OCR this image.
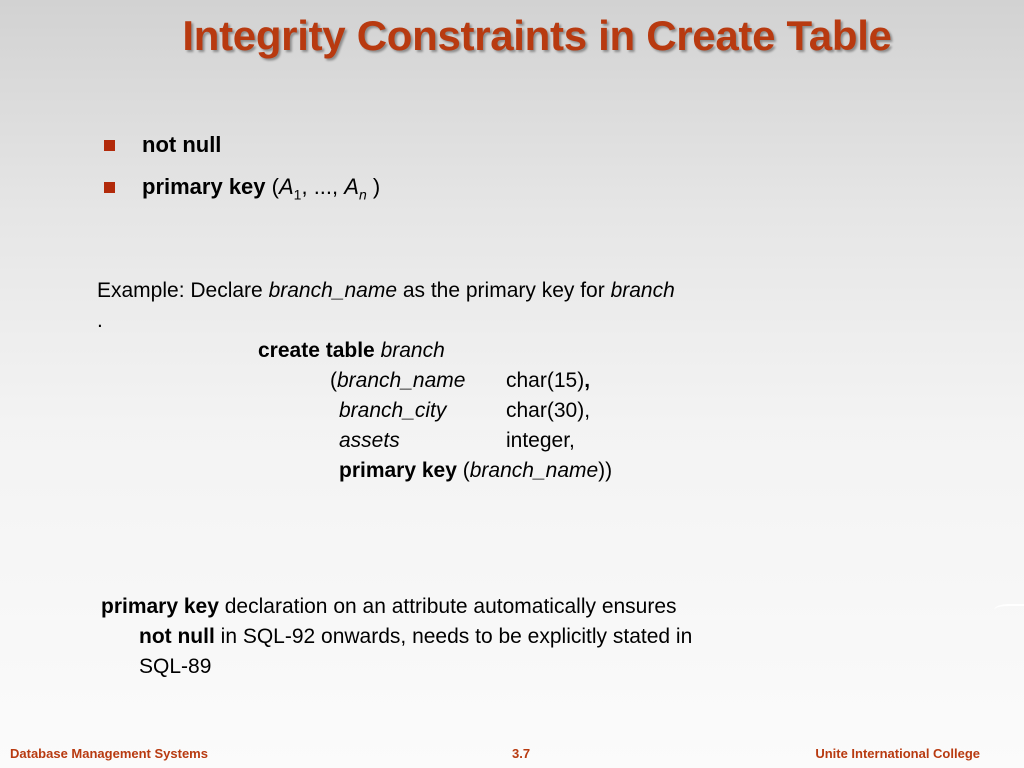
Integrity Constraints in Create Table
not null
primary key ($A_1$, ..., $A_n$ )
Example: Declare branch_name as the primary key for branch
.
create table branch
(branch_name char(15),
branch_city	char(30),
assets	integer,
primary key (branch_name))
primary key declaration on an attribute automatically ensures
not null in SQL-92 onwards, needs to be explicitly stated in
SQL-89
Database Management Systems	3.7	Unite International College
